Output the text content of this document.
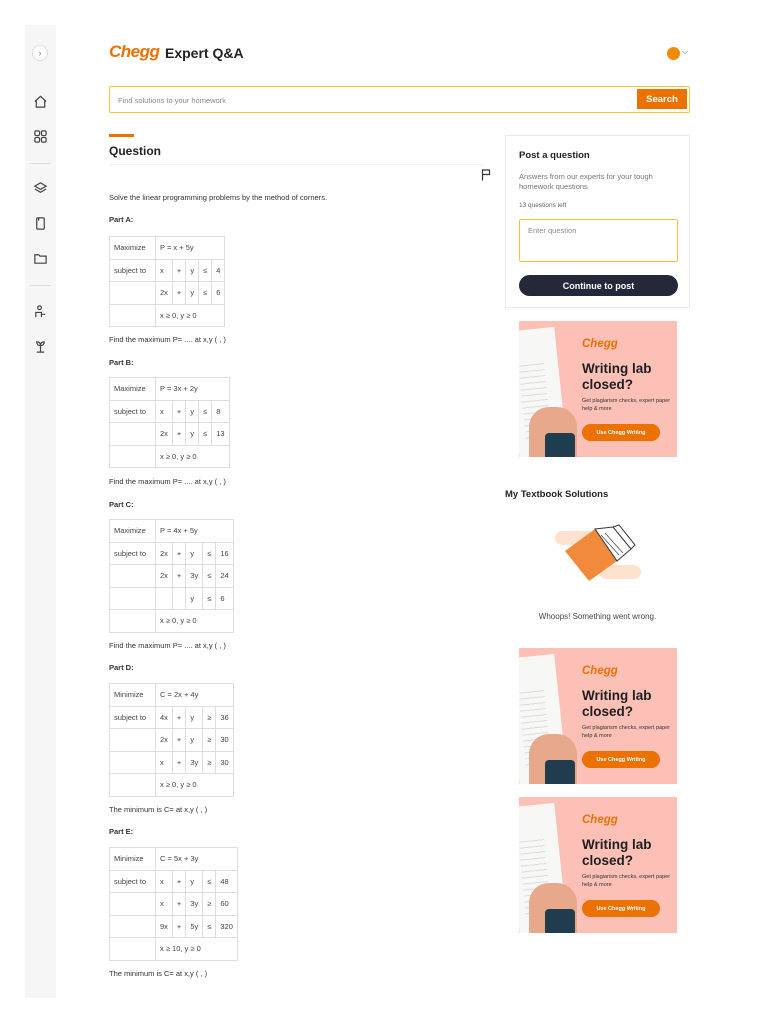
›	Chegg Expert Q&A	⌵
Find solutions to your homework
Search
Question
Solve the linear programming problems by the method of corners.
Part A:
Maximize	P = x + 5y				
subject to	x	+	y	≤	4
	2x	+	y	≤	6
	x ≥ 0, y ≥ 0				
Find the maximum P= .... at x,y ( , )
Part B:
Maximize	P = 3x + 2y				
subject to	x	+	y	≤	8
	2x	+	y	≤	13
	x ≥ 0, y ≥ 0				
Find the maximum P= .... at x,y ( , )
Part C:
Maximize	P = 4x + 5y				
subject to	2x	+	y	≤	16
	2x	+	3y	≤	24
			y	≤	6
	x ≥ 0, y ≥ 0				
Find the maximum P= .... at x,y ( , )
Part D:
Minimize	C = 2x + 4y				
subject to	4x	+	y	≥	36
	2x	+	y	≥	30
	x	+	3y	≥	30
	x ≥ 0, y ≥ 0				
The minimum is C= at x,y ( , )
Part E:
Minimize	C = 5x + 3y				
subject to	x	+	y	≤	48
	x	+	3y	≥	60
	9x	+	5y	≤	320
	x ≥ 10, y ≥ 0				
The minimum is C= at x,y ( , )
Post a question
Answers from our experts for your tough homework questions
13 questions left
Enter question
Continue to post
Chegg
Writing lab closed?
Get plagiarism checks, expert paper help & more
Use Chegg Writing
My Textbook Solutions
Whoops! Something went wrong.
Chegg
Writing lab closed?
Get plagiarism checks, expert paper help & more
Use Chegg Writing
Chegg
Writing lab closed?
Get plagiarism checks, expert paper help & more
Use Chegg Writing
